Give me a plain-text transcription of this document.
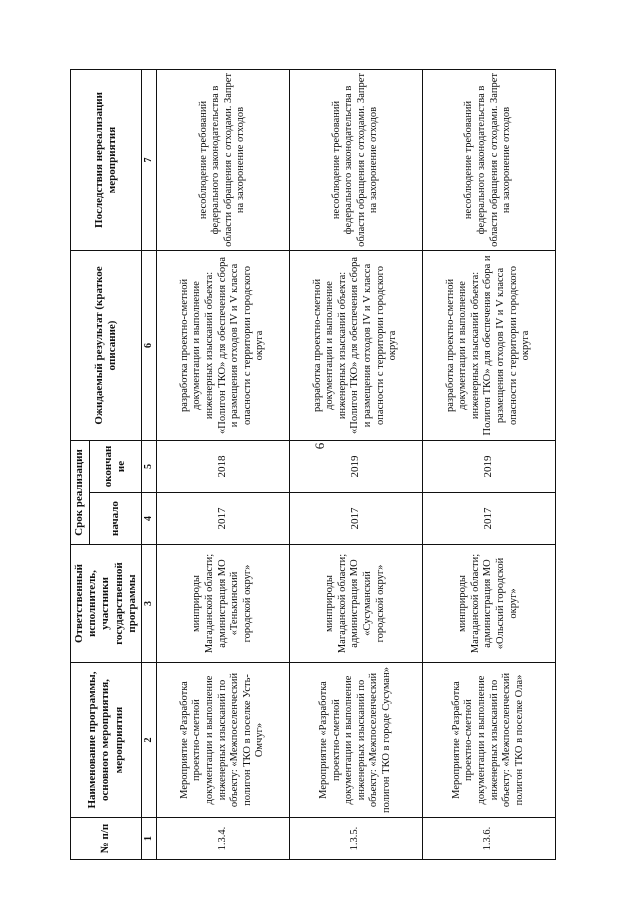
6
№ п/п	Наименование программы, основного мероприятия, мероприятия	Ответственный исполнитель, участники государственной программы	Срок реализации		Ожидаемый результат (краткое описание)	Последствия нереализации мероприятия
			начало	окончание		
1	2	3	4	5	6	7
1.3.4.	Мероприятие «Разработка проектно-сметной документации и выполнение инженерных изысканий по объекту: «Межпоселенческий полигон ТКО в поселке Усть-Омчуг»	минприроды Магаданской области; администрация МО «Тенькинский городской округ»	2017	2018	разработка проектно-сметной документации и выполнение инженерных изысканий объекта: «Полигон ТКО» для обеспечения сбора и размещения отходов IV и V класса опасности с территории городского округа	несоблюдение требований федерального законодательства в области обращения с отходами. Запрет на захоронение отходов
1.3.5.	Мероприятие «Разработка проектно-сметной документации и выполнение инженерных изысканий по объекту: «Межпоселенческий полигон ТКО в городе Сусуман»	минприроды Магаданской области; администрация МО «Сусуманский городской округ»	2017	2019	разработка проектно-сметной документации и выполнение инженерных изысканий объекта: «Полигон ТКО» для обеспечения сбора и размещения отходов IV и V класса опасности с территории городского округа	несоблюдение требований федерального законодательства в области обращения с отходами. Запрет на захоронение отходов
1.3.6.	Мероприятие «Разработка проектно-сметной документации и выполнение инженерных изысканий по объекту: «Межпоселенческий полигон ТКО в поселке Ола»	минприроды Магаданской области; администрация МО «Ольский городской округ»	2017	2019	разработка проектно-сметной документации и выполнение инженерных изысканий объекта: Полигон ТКО» для обеспечения сбора и размещения отходов IV и V класса опасности с территории городского округа	несоблюдение требований федерального законодательства в области обращения с отходами. Запрет на захоронение отходов
